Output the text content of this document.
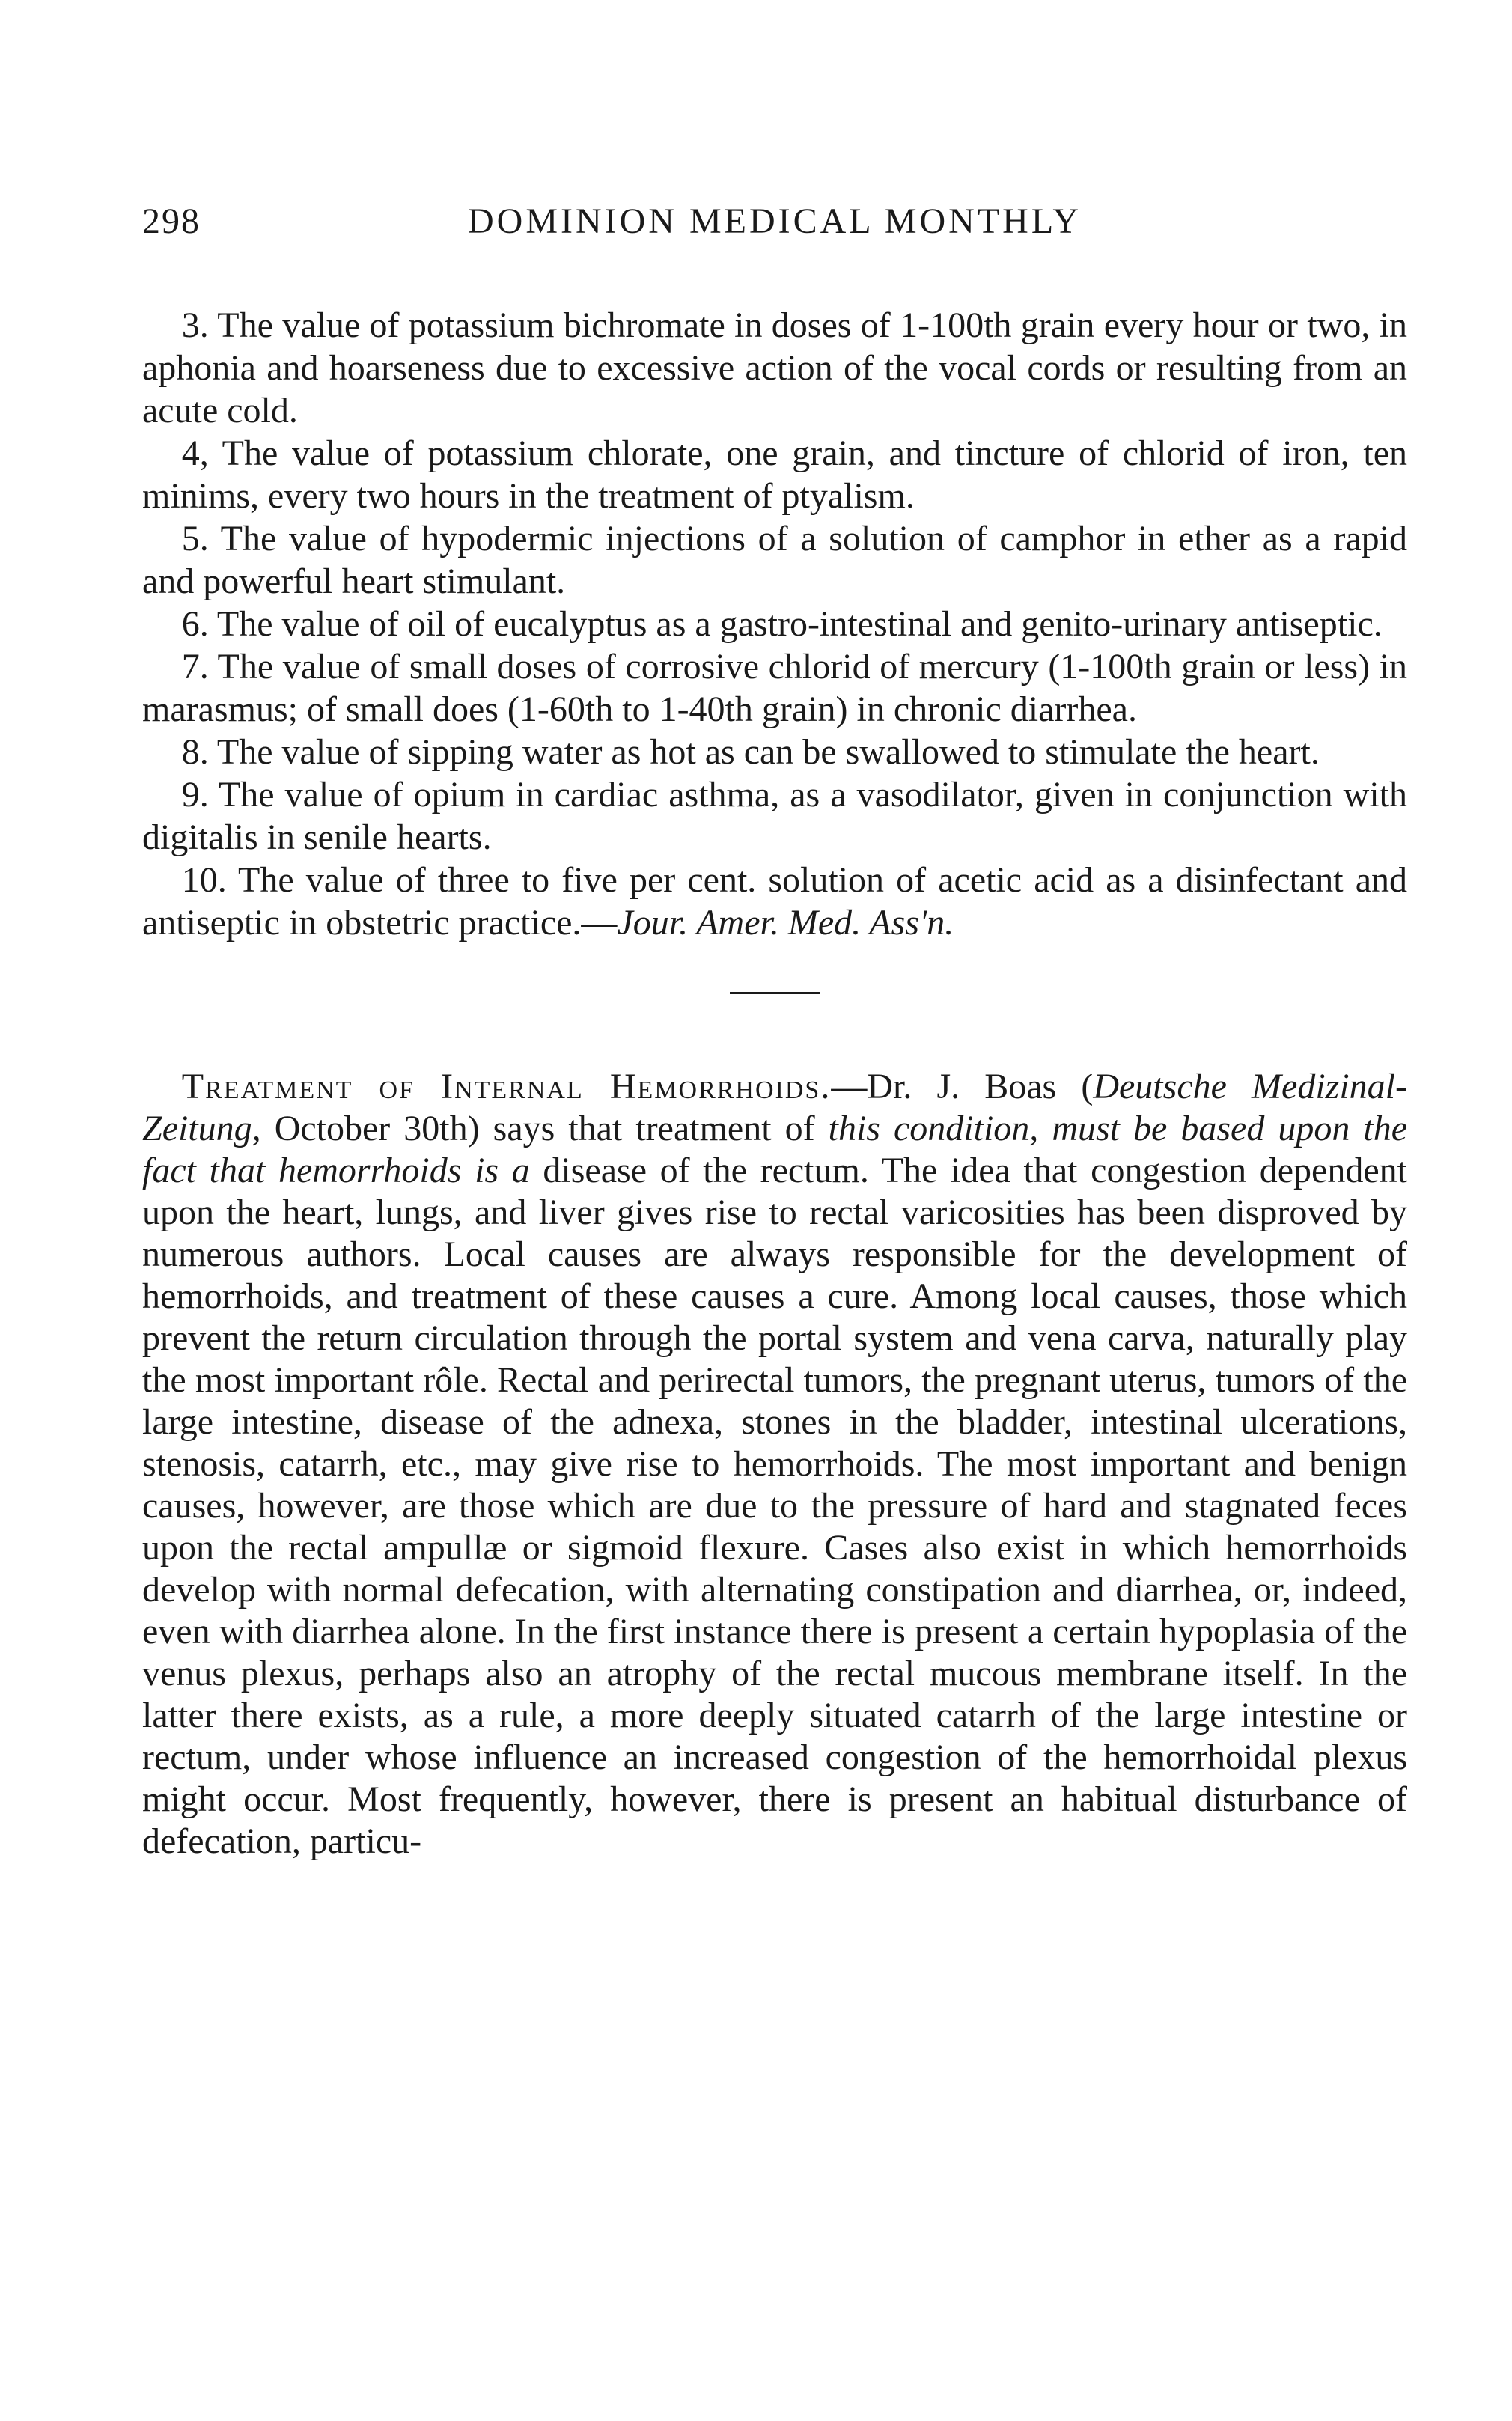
298	DOMINION MEDICAL MONTHLY

3. The value of potassium bichromate in doses of 1-100th grain every hour or two, in aphonia and hoarseness due to excessive action of the vocal cords or resulting from an acute cold.

4, The value of potassium chlorate, one grain, and tincture of chlorid of iron, ten minims, every two hours in the treatment of ptyalism.

5. The value of hypodermic injections of a solution of camphor in ether as a rapid and powerful heart stimulant.

6. The value of oil of eucalyptus as a gastro-intestinal and genito-urinary antiseptic.

7. The value of small doses of corrosive chlorid of mercury (1-100th grain or less) in marasmus; of small does (1-60th to 1-40th grain) in chronic diarrhea.

8. The value of sipping water as hot as can be swallowed to stimulate the heart.

9. The value of opium in cardiac asthma, as a vasodilator, given in conjunction with digitalis in senile hearts.

10. The value of three to five per cent. solution of acetic acid as a disinfectant and antiseptic in obstetric practice.—Jour. Amer. Med. Ass'n.

Treatment of Internal Hemorrhoids.—Dr. J. Boas (Deutsche Medizinal-Zeitung, October 30th) says that treatment of this condition, must be based upon the fact that hemorrhoids is a disease of the rectum. The idea that congestion dependent upon the heart, lungs, and liver gives rise to rectal varicosities has been disproved by numerous authors. Local causes are always responsible for the development of hemorrhoids, and treatment of these causes a cure. Among local causes, those which prevent the return circulation through the portal system and vena carva, naturally play the most important rôle. Rectal and perirectal tumors, the pregnant uterus, tumors of the large intestine, disease of the adnexa, stones in the bladder, intestinal ulcerations, stenosis, catarrh, etc., may give rise to hemorrhoids. The most important and benign causes, however, are those which are due to the pressure of hard and stagnated feces upon the rectal ampullæ or sigmoid flexure. Cases also exist in which hemorrhoids develop with normal defecation, with alternating constipation and diarrhea, or, indeed, even with diarrhea alone. In the first instance there is present a certain hypoplasia of the venus plexus, perhaps also an atrophy of the rectal mucous membrane itself. In the latter there exists, as a rule, a more deeply situated catarrh of the large intestine or rectum, under whose influence an increased congestion of the hemorrhoidal plexus might occur. Most frequently, however, there is present an habitual disturbance of defecation, particu-
